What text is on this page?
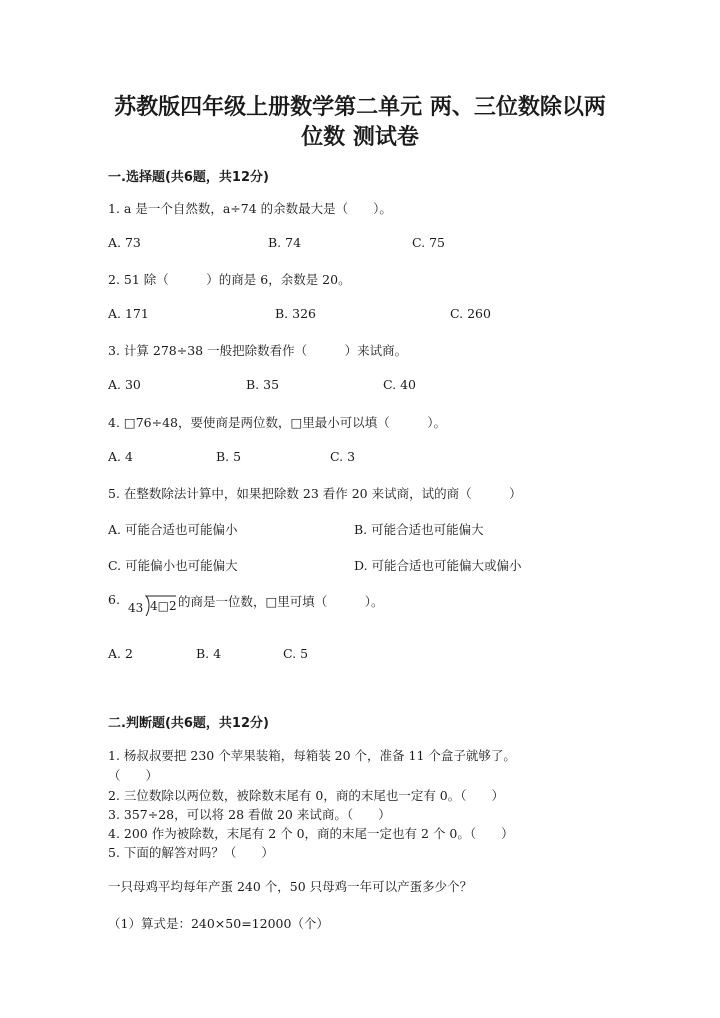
苏教版四年级上册数学第二单元 两、三位数除以两
位数 测试卷
一.选择题(共6题，共12分)
1. a 是一个自然数，a÷74 的余数最大是（　　）。
A. 73	B. 74	C. 75
2. 51 除（　　　）的商是 6，余数是 20。
A. 171	B. 326	C. 260
3. 计算 278÷38 一般把除数看作（　　　）来试商。
A. 30	B. 35	C. 40
4. □76÷48，要使商是两位数，□里最小可以填（　　　）。
A. 4	B. 5	C. 3
5. 在整数除法计算中，如果把除数 23 看作 20 来试商，试的商（　　　）
A. 可能合适也可能偏小	B. 可能合适也可能偏大
C. 可能偏小也可能偏大	D. 可能合适也可能偏大或偏小
6.
43 4□2 的商是一位数，□里可填（　　　）。
A. 2	B. 4	C. 5
二.判断题(共6题，共12分)
1. 杨叔叔要把 230 个苹果装箱，每箱装 20 个，准备 11 个盒子就够了。
（　　）
2. 三位数除以两位数，被除数末尾有 0，商的末尾也一定有 0。（　　）
3. 357÷28，可以将 28 看做 20 来试商。（　　）
4. 200 作为被除数，末尾有 2 个 0，商的末尾一定也有 2 个 0。（　　）
5. 下面的解答对吗？（　　）
一只母鸡平均每年产蛋 240 个，50 只母鸡一年可以产蛋多少个？
（1）算式是：240×50=12000（个）
